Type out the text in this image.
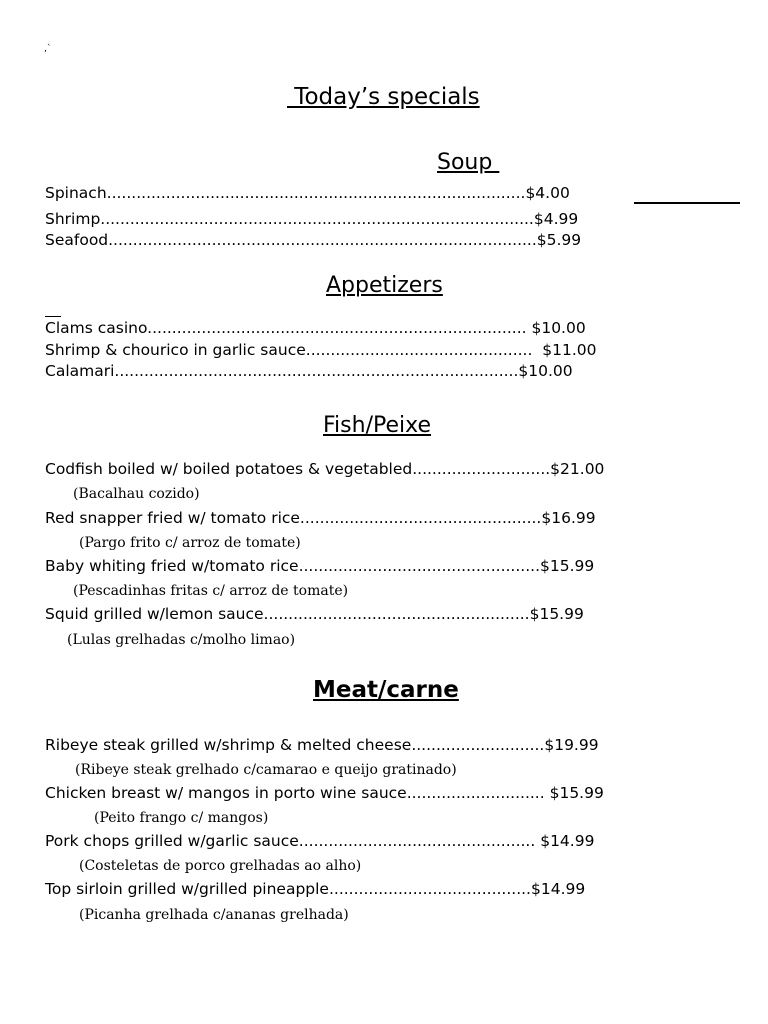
‚`
Today’s specials
Soup
Spinach.....................................................................................$4.00
Shrimp........................................................................................$4.99
Seafood.......................................................................................$5.99
Appetizers
Clams casino............................................................................. $10.00
Shrimp & chourico in garlic sauce..............................................  $11.00
Calamari..................................................................................$10.00
Fish/Peixe
Codfish boiled w/ boiled potatoes & vegetabled............................$21.00
(Bacalhau cozido)
Red snapper fried w/ tomato rice.................................................$16.99
(Pargo frito c/ arroz de tomate)
Baby whiting fried w/tomato rice.................................................$15.99
(Pescadinhas fritas c/ arroz de tomate)
Squid grilled w/lemon sauce......................................................$15.99
(Lulas grelhadas c/molho limao)
Meat/carne
Ribeye steak grilled w/shrimp & melted cheese...........................$19.99
(Ribeye steak grelhado c/camarao e queijo gratinado)
Chicken breast w/ mangos in porto wine sauce............................ $15.99
(Peito frango c/ mangos)
Pork chops grilled w/garlic sauce................................................ $14.99
(Costeletas de porco grelhadas ao alho)
Top sirloin grilled w/grilled pineapple.........................................$14.99
(Picanha grelhada c/ananas grelhada)
